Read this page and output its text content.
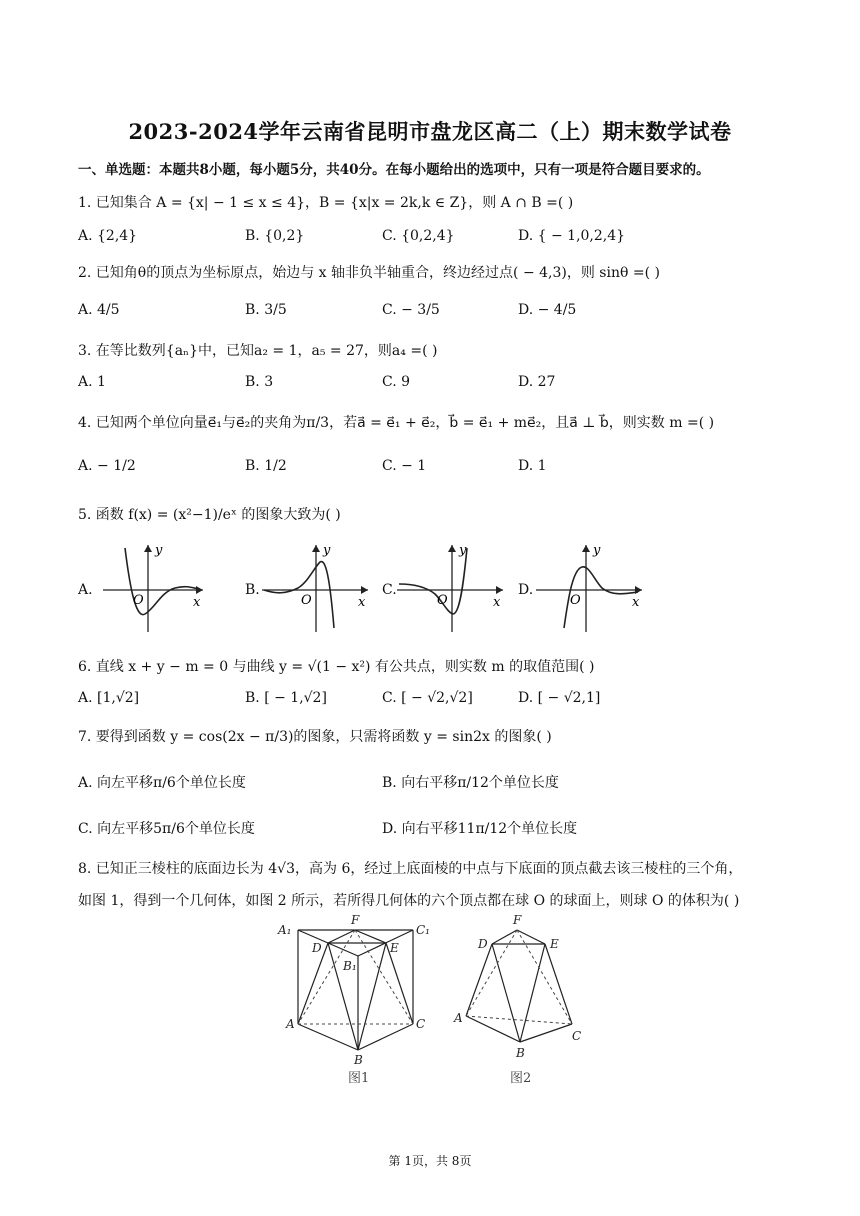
2023-2024学年云南省昆明市盘龙区高二（上）期末数学试卷
一、单选题：本题共8小题，每小题5分，共40分。在每小题给出的选项中，只有一项是符合题目要求的。
1. 已知集合 A = {x| − 1 ≤ x ≤ 4}，B = {x|x = 2k,k ∈ Z}，则 A ∩ B =( )
A. {2,4}	B. {0,2}	C. {0,2,4}	D. { − 1,0,2,4}
2. 已知角θ的顶点为坐标原点，始边与 x 轴非负半轴重合，终边经过点( − 4,3)，则 sinθ =( )
A. 4/5	B. 3/5	C. − 3/5	D. − 4/5
3. 在等比数列{aₙ}中，已知a₂ = 1，a₅ = 27，则a₄ =( )
A. 1	B. 3	C. 9	D. 27
4. 已知两个单位向量e⃗₁与e⃗₂的夹角为π/3，若a⃗ = e⃗₁ + e⃗₂，b⃗ = e⃗₁ + me⃗₂，且a⃗ ⊥ b⃗，则实数 m =( )
A. − 1/2	B. 1/2	C. − 1	D. 1
5. 函数 f(x) = (x²−1)/eˣ 的图象大致为( )
A.	B.	C.	D.
y
x
O
y
x
O
y
x
O
y
x
O
6. 直线 x + y − m = 0 与曲线 y = √(1 − x²) 有公共点，则实数 m 的取值范围( )
A. [1,√2]	B. [ − 1,√2]	C. [ − √2,√2]	D. [ − √2,1]
7. 要得到函数 y = cos(2x − π/3)的图象，只需将函数 y = sin2x 的图象( )
A. 向左平移π/6个单位长度	B. 向右平移π/12个单位长度
C. 向左平移5π/6个单位长度	D. 向右平移11π/12个单位长度
8. 已知正三棱柱的底面边长为 4√3，高为 6，经过上底面棱的中点与下底面的顶点截去该三棱柱的三个角，
如图 1，得到一个几何体，如图 2 所示，若所得几何体的六个顶点都在球 O 的球面上，则球 O 的体积为( )
A₁	C₁
F
D	E
B₁
A	C
B
图1
F
D	E
A
C
B
图2
第 1页，共 8页
